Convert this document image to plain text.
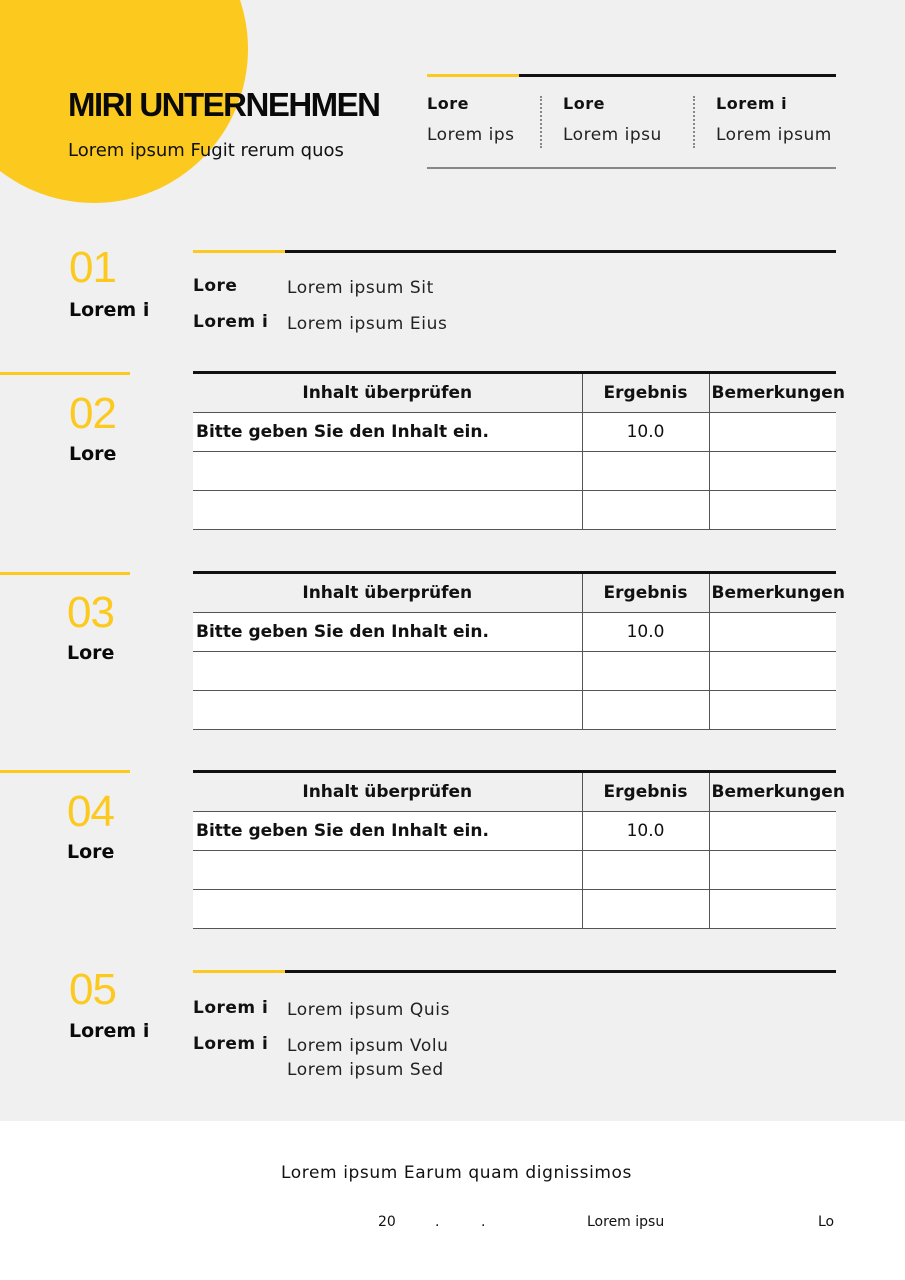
MIRI UNTERNEHMEN
Lorem ipsum Fugit rerum quos
Lore
Lorem ips
Lore
Lorem ipsu
Lorem i
Lorem ipsum
01
Lorem i
Lore	Lorem ipsum Sit
Lorem i	Lorem ipsum Eius
02
Lore
Inhalt überprüfen	Ergebnis	Bemerkungen
Bitte geben Sie den Inhalt ein.	10.0	

03
Lore
Inhalt überprüfen	Ergebnis	Bemerkungen
Bitte geben Sie den Inhalt ein.	10.0	

04
Lore
Inhalt überprüfen	Ergebnis	Bemerkungen
Bitte geben Sie den Inhalt ein.	10.0	

05
Lorem i
Lorem i	Lorem ipsum Quis
Lorem i	Lorem ipsum Volu
Lorem ipsum Sed
Lorem ipsum Earum quam dignissimos
20	.	.	Lorem ipsu	Lo
